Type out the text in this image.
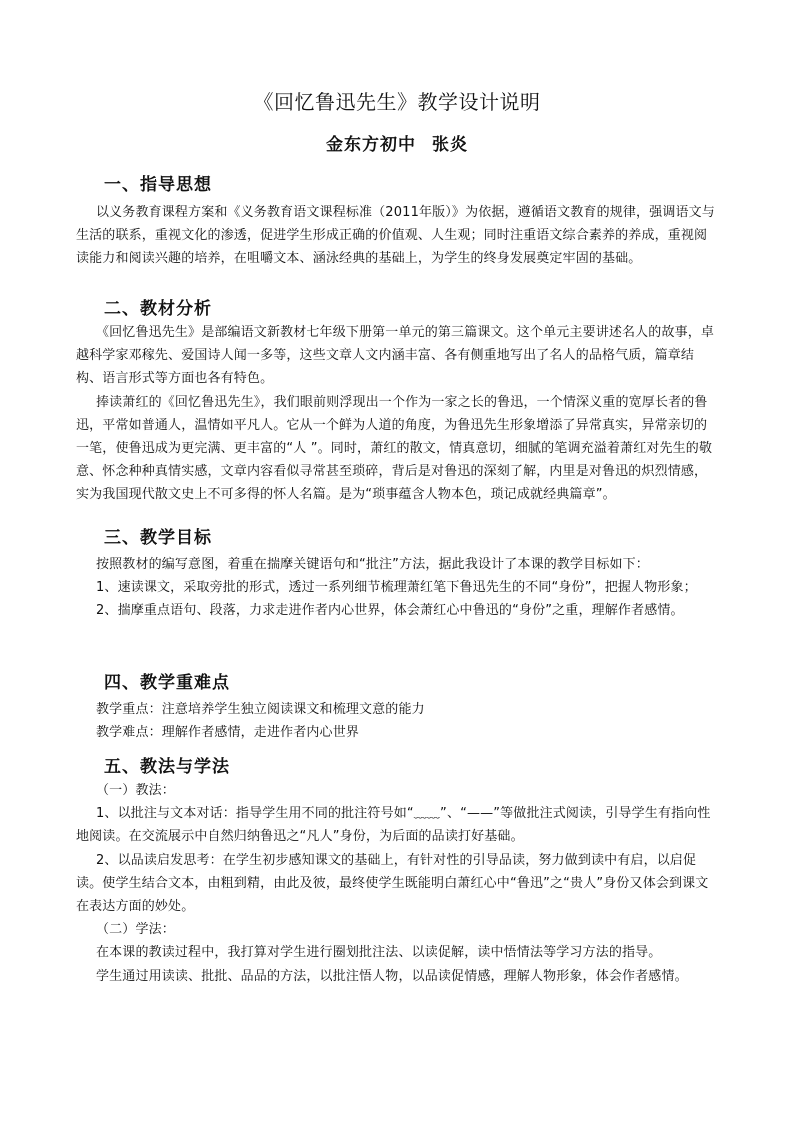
《回忆鲁迅先生》教学设计说明
金东方初中 张炎
一、指导思想

以义务教育课程方案和《义务教育语文课程标准（2011年版）》为依据，遵循语文教育的规律，强调语文与生活的联系，重视文化的渗透，促进学生形成正确的价值观、人生观；同时注重语文综合素养的养成，重视阅读能力和阅读兴趣的培养，在咀嚼文本、涵泳经典的基础上，为学生的终身发展奠定牢固的基础。

二、教材分析

《回忆鲁迅先生》是部编语文新教材七年级下册第一单元的第三篇课文。这个单元主要讲述名人的故事，卓越科学家邓稼先、爱国诗人闻一多等，这些文章人文内涵丰富、各有侧重地写出了名人的品格气质，篇章结构、语言形式等方面也各有特色。

捧读萧红的《回忆鲁迅先生》，我们眼前则浮现出一个作为一家之长的鲁迅，一个情深义重的宽厚长者的鲁迅，平常如普通人，温情如平凡人。它从一个鲜为人道的角度，为鲁迅先生形象增添了异常真实，异常亲切的一笔，使鲁迅成为更完满、更丰富的“人 ”。同时，萧红的散文，情真意切，细腻的笔调充溢着萧红对先生的敬意、怀念种种真情实感，文章内容看似寻常甚至琐碎，背后是对鲁迅的深刻了解，内里是对鲁迅的炽烈情感，实为我国现代散文史上不可多得的怀人名篇。是为“琐事蕴含人物本色，琐记成就经典篇章”。

三、教学目标

按照教材的编写意图，着重在揣摩关键语句和“批注”方法，据此我设计了本课的教学目标如下：

1、速读课文，采取旁批的形式，透过一系列细节梳理萧红笔下鲁迅先生的不同“身份”，把握人物形象；

2、揣摩重点语句、段落，力求走进作者内心世界，体会萧红心中鲁迅的“身份”之重，理解作者感情。

四、教学重难点

教学重点：注意培养学生独立阅读课文和梳理文意的能力

教学难点：理解作者感情，走进作者内心世界

五、教法与学法

（一）教法：

1、以批注与文本对话：指导学生用不同的批注符号如“﹏﹏”、“——”等做批注式阅读，引导学生有指向性地阅读。在交流展示中自然归纳鲁迅之“凡人”身份，为后面的品读打好基础。

2、以品读启发思考：在学生初步感知课文的基础上，有针对性的引导品读，努力做到读中有启，以启促读。使学生结合文本，由粗到精，由此及彼，最终使学生既能明白萧红心中“鲁迅”之“贵人”身份又体会到课文在表达方面的妙处。

（二）学法：

在本课的教读过程中，我打算对学生进行圈划批注法、以读促解，读中悟情法等学习方法的指导。

学生通过用读读、批批、品品的方法，以批注悟人物，以品读促情感，理解人物形象，体会作者感情。
